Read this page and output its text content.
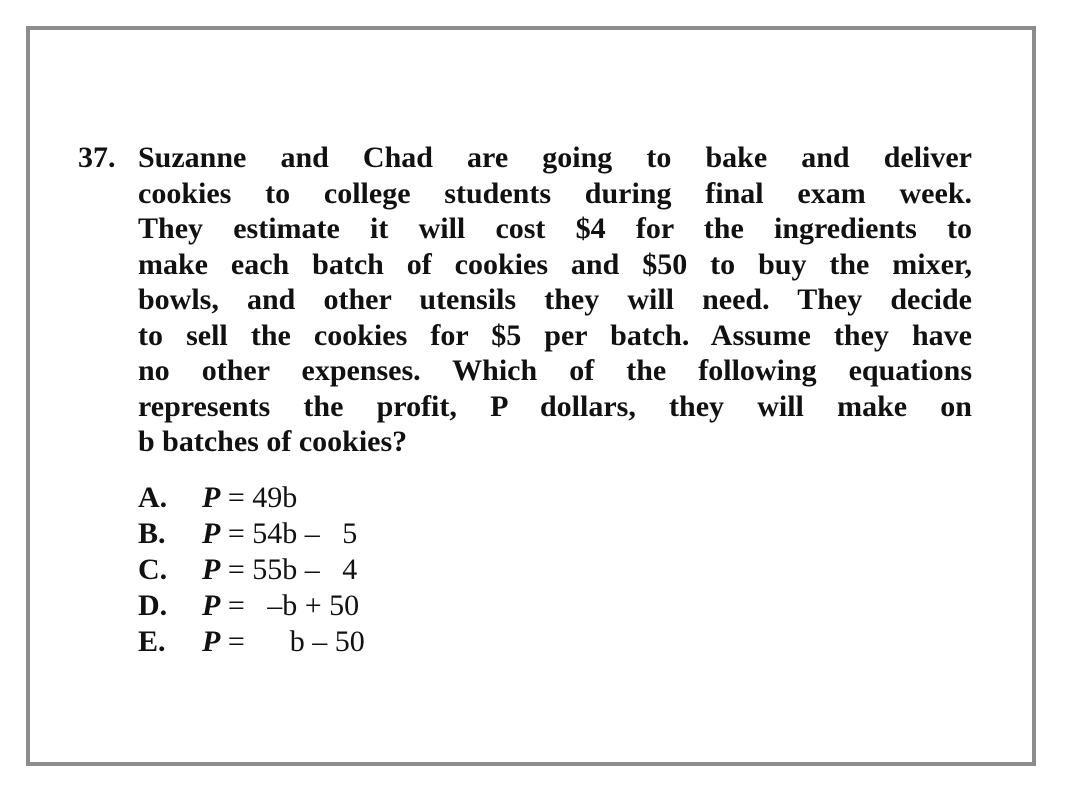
37. Suzanne and Chad are going to bake and deliver
cookies to college students during final exam week.
They estimate it will cost $4 for the ingredients to
make each batch of cookies and $50 to buy the mixer,
bowls, and other utensils they will need. They decide
to sell the cookies for $5 per batch. Assume they have
no other expenses. Which of the following equations
represents the profit, P dollars, they will make on
b batches of cookies?
A.	P = 49b
B.	P = 54b –   5
C.	P = 55b –   4
D.	P =   –b + 50
E.	P =      b – 50
